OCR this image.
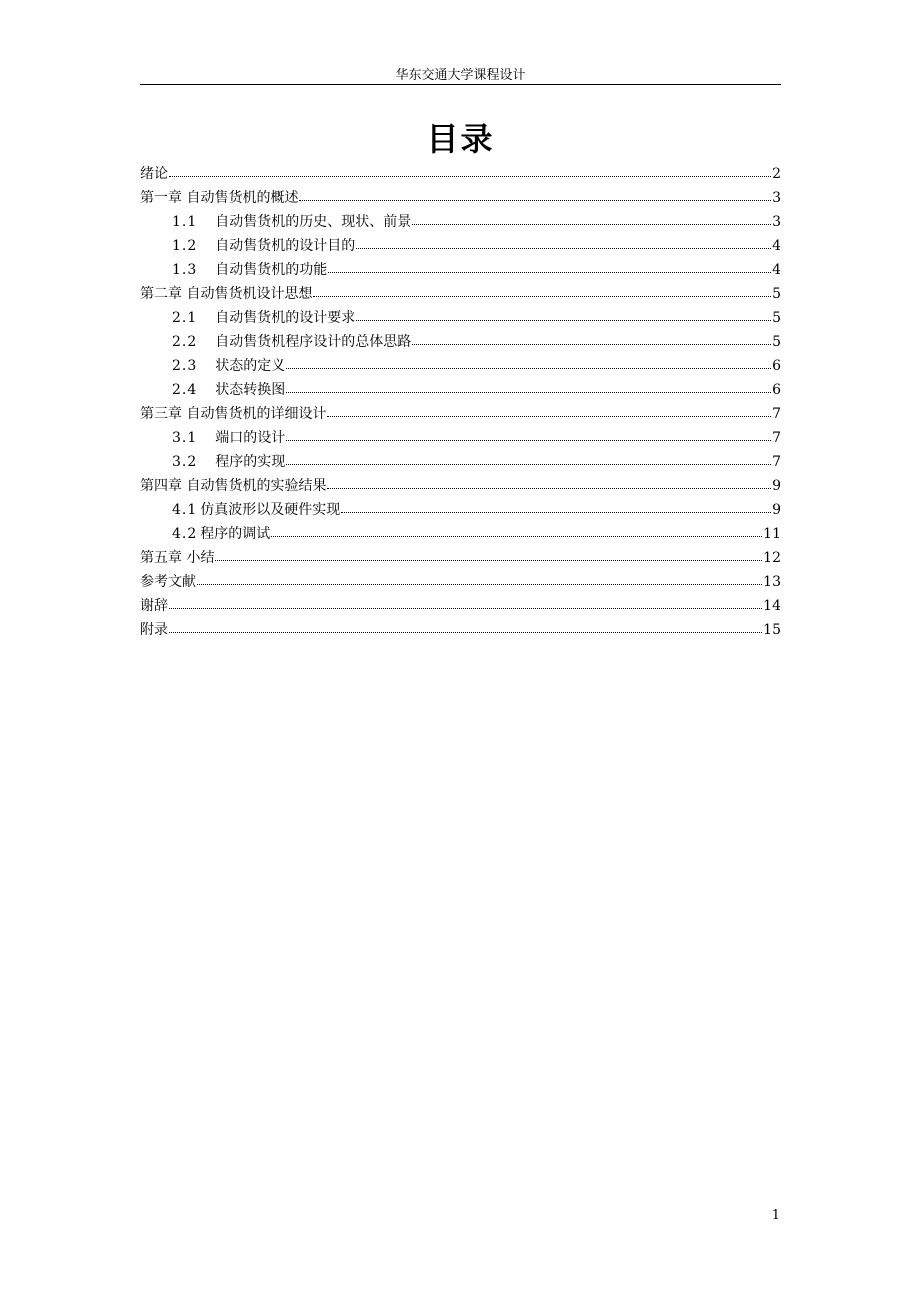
华东交通大学课程设计
目录
绪论	2
第一章 自动售货机的概述	3
1.1 自动售货机的历史、现状、前景	3
1.2 自动售货机的设计目的	4
1.3 自动售货机的功能	4
第二章 自动售货机设计思想	5
2.1 自动售货机的设计要求	5
2.2 自动售货机程序设计的总体思路	5
2.3 状态的定义	6
2.4 状态转换图	6
第三章 自动售货机的详细设计	7
3.1 端口的设计	7
3.2 程序的实现	7
第四章 自动售货机的实验结果	9
4.1 仿真波形以及硬件实现	9
4.2 程序的调试	11
第五章 小结	12
参考文献	13
谢辞	14
附录	15
1
